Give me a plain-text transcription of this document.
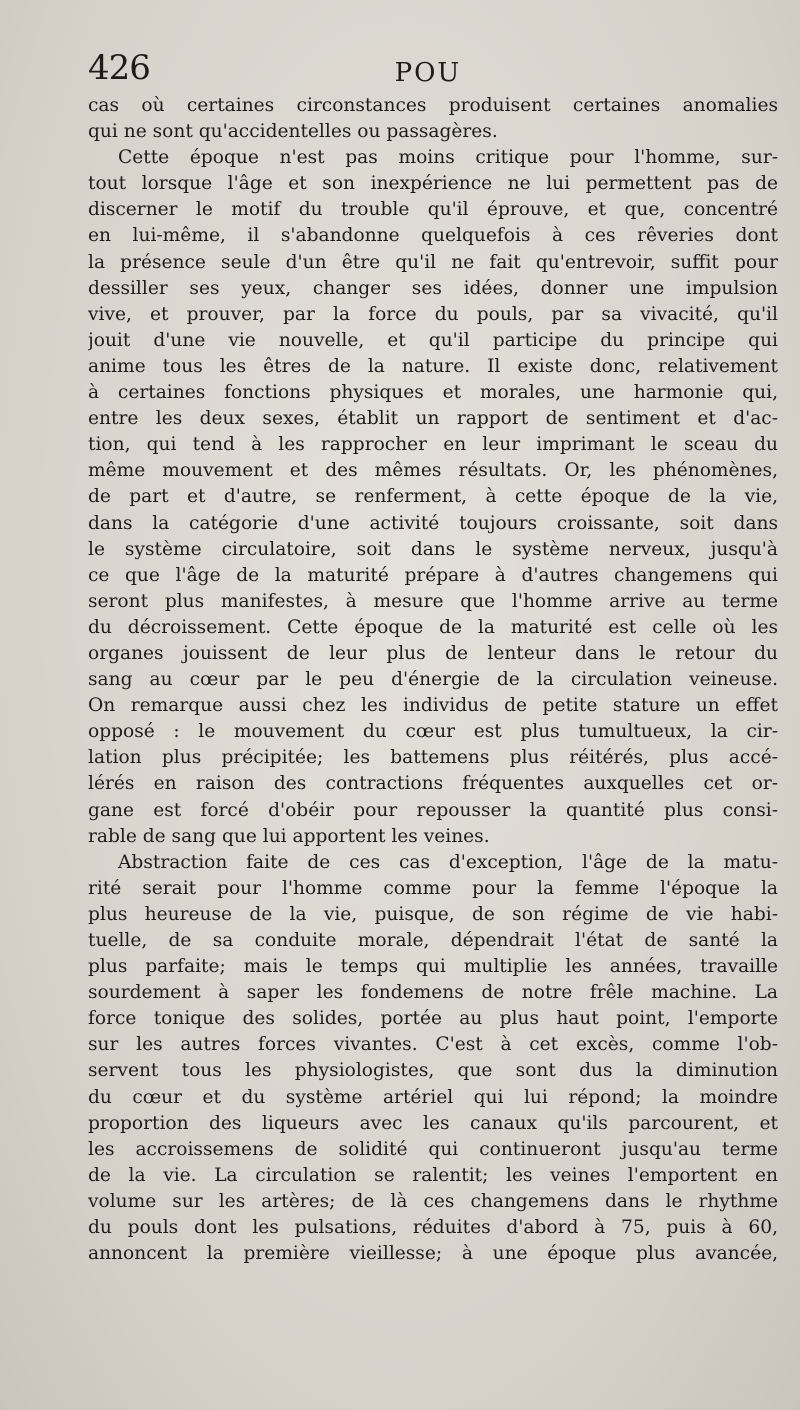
426	POU
cas où certaines circonstances produisent certaines anomalies
qui ne sont qu'accidentelles ou passagères.
Cette époque n'est pas moins critique pour l'homme, sur-
tout lorsque l'âge et son inexpérience ne lui permettent pas de
discerner le motif du trouble qu'il éprouve, et que, concentré
en lui-même, il s'abandonne quelquefois à ces rêveries dont
la présence seule d'un être qu'il ne fait qu'entrevoir, suffit pour
dessiller ses yeux, changer ses idées, donner une impulsion
vive, et prouver, par la force du pouls, par sa vivacité, qu'il
jouit d'une vie nouvelle, et qu'il participe du principe qui
anime tous les êtres de la nature. Il existe donc, relativement
à certaines fonctions physiques et morales, une harmonie qui,
entre les deux sexes, établit un rapport de sentiment et d'ac-
tion, qui tend à les rapprocher en leur imprimant le sceau du
même mouvement et des mêmes résultats. Or, les phénomènes,
de part et d'autre, se renferment, à cette époque de la vie,
dans la catégorie d'une activité toujours croissante, soit dans
le système circulatoire, soit dans le système nerveux, jusqu'à
ce que l'âge de la maturité prépare à d'autres changemens qui
seront plus manifestes, à mesure que l'homme arrive au terme
du décroissement. Cette époque de la maturité est celle où les
organes jouissent de leur plus de lenteur dans le retour du
sang au cœur par le peu d'énergie de la circulation veineuse.
On remarque aussi chez les individus de petite stature un effet
opposé : le mouvement du cœur est plus tumultueux, la cir-
lation plus précipitée; les battemens plus réitérés, plus accé-
lérés en raison des contractions fréquentes auxquelles cet or-
gane est forcé d'obéir pour repousser la quantité plus consi-
rable de sang que lui apportent les veines.
Abstraction faite de ces cas d'exception, l'âge de la matu-
rité serait pour l'homme comme pour la femme l'époque la
plus heureuse de la vie, puisque, de son régime de vie habi-
tuelle, de sa conduite morale, dépendrait l'état de santé la
plus parfaite; mais le temps qui multiplie les années, travaille
sourdement à saper les fondemens de notre frêle machine. La
force tonique des solides, portée au plus haut point, l'emporte
sur les autres forces vivantes. C'est à cet excès, comme l'ob-
servent tous les physiologistes, que sont dus la diminution
du cœur et du système artériel qui lui répond; la moindre
proportion des liqueurs avec les canaux qu'ils parcourent, et
les accroissemens de solidité qui continueront jusqu'au terme
de la vie. La circulation se ralentit; les veines l'emportent en
volume sur les artères; de là ces changemens dans le rhythme
du pouls dont les pulsations, réduites d'abord à 75, puis à 60,
annoncent la première vieillesse; à une époque plus avancée,
